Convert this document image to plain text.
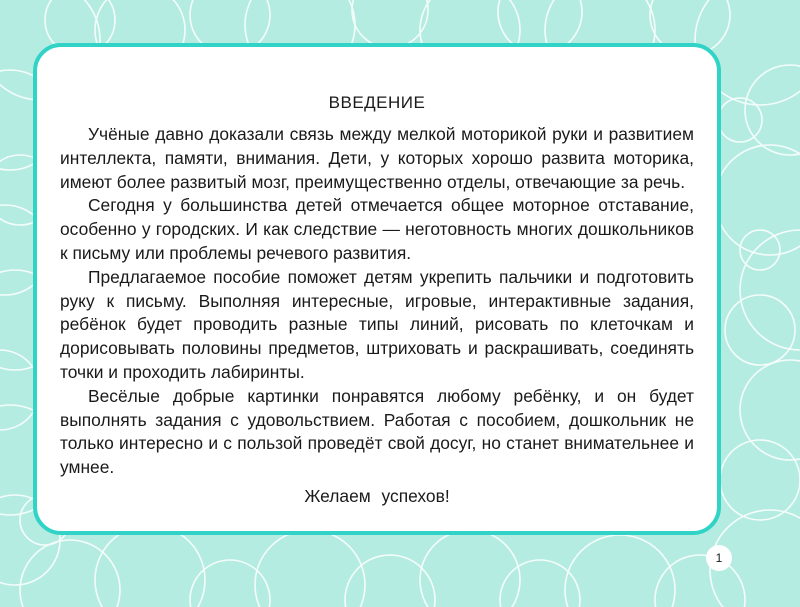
ВВЕДЕНИЕ

Учёные давно доказали связь между мелкой моторикой руки и развитием интеллекта, памяти, внимания. Дети, у которых хорошо развита моторика, имеют более развитый мозг, преимущественно отделы, отвечающие за речь.

Сегодня у большинства детей отмечается общее моторное отставание, особенно у городских. И как следствие — неготовность многих дошкольников к письму или проблемы речевого развития.

Предлагаемое пособие поможет детям укрепить пальчики и подготовить руку к письму. Выполняя интересные, игровые, интерактивные задания, ребёнок будет проводить разные типы линий, рисовать по клеточкам и дорисовывать половины предметов, штриховать и раскрашивать, соединять точки и проходить лабиринты.

Весёлые добрые картинки понравятся любому ребёнку, и он будет выполнять задания с удовольствием. Работая с пособием, дошкольник не только интересно и с пользой проведёт свой досуг, но станет внимательнее и умнее.

Желаем успехов!
1
